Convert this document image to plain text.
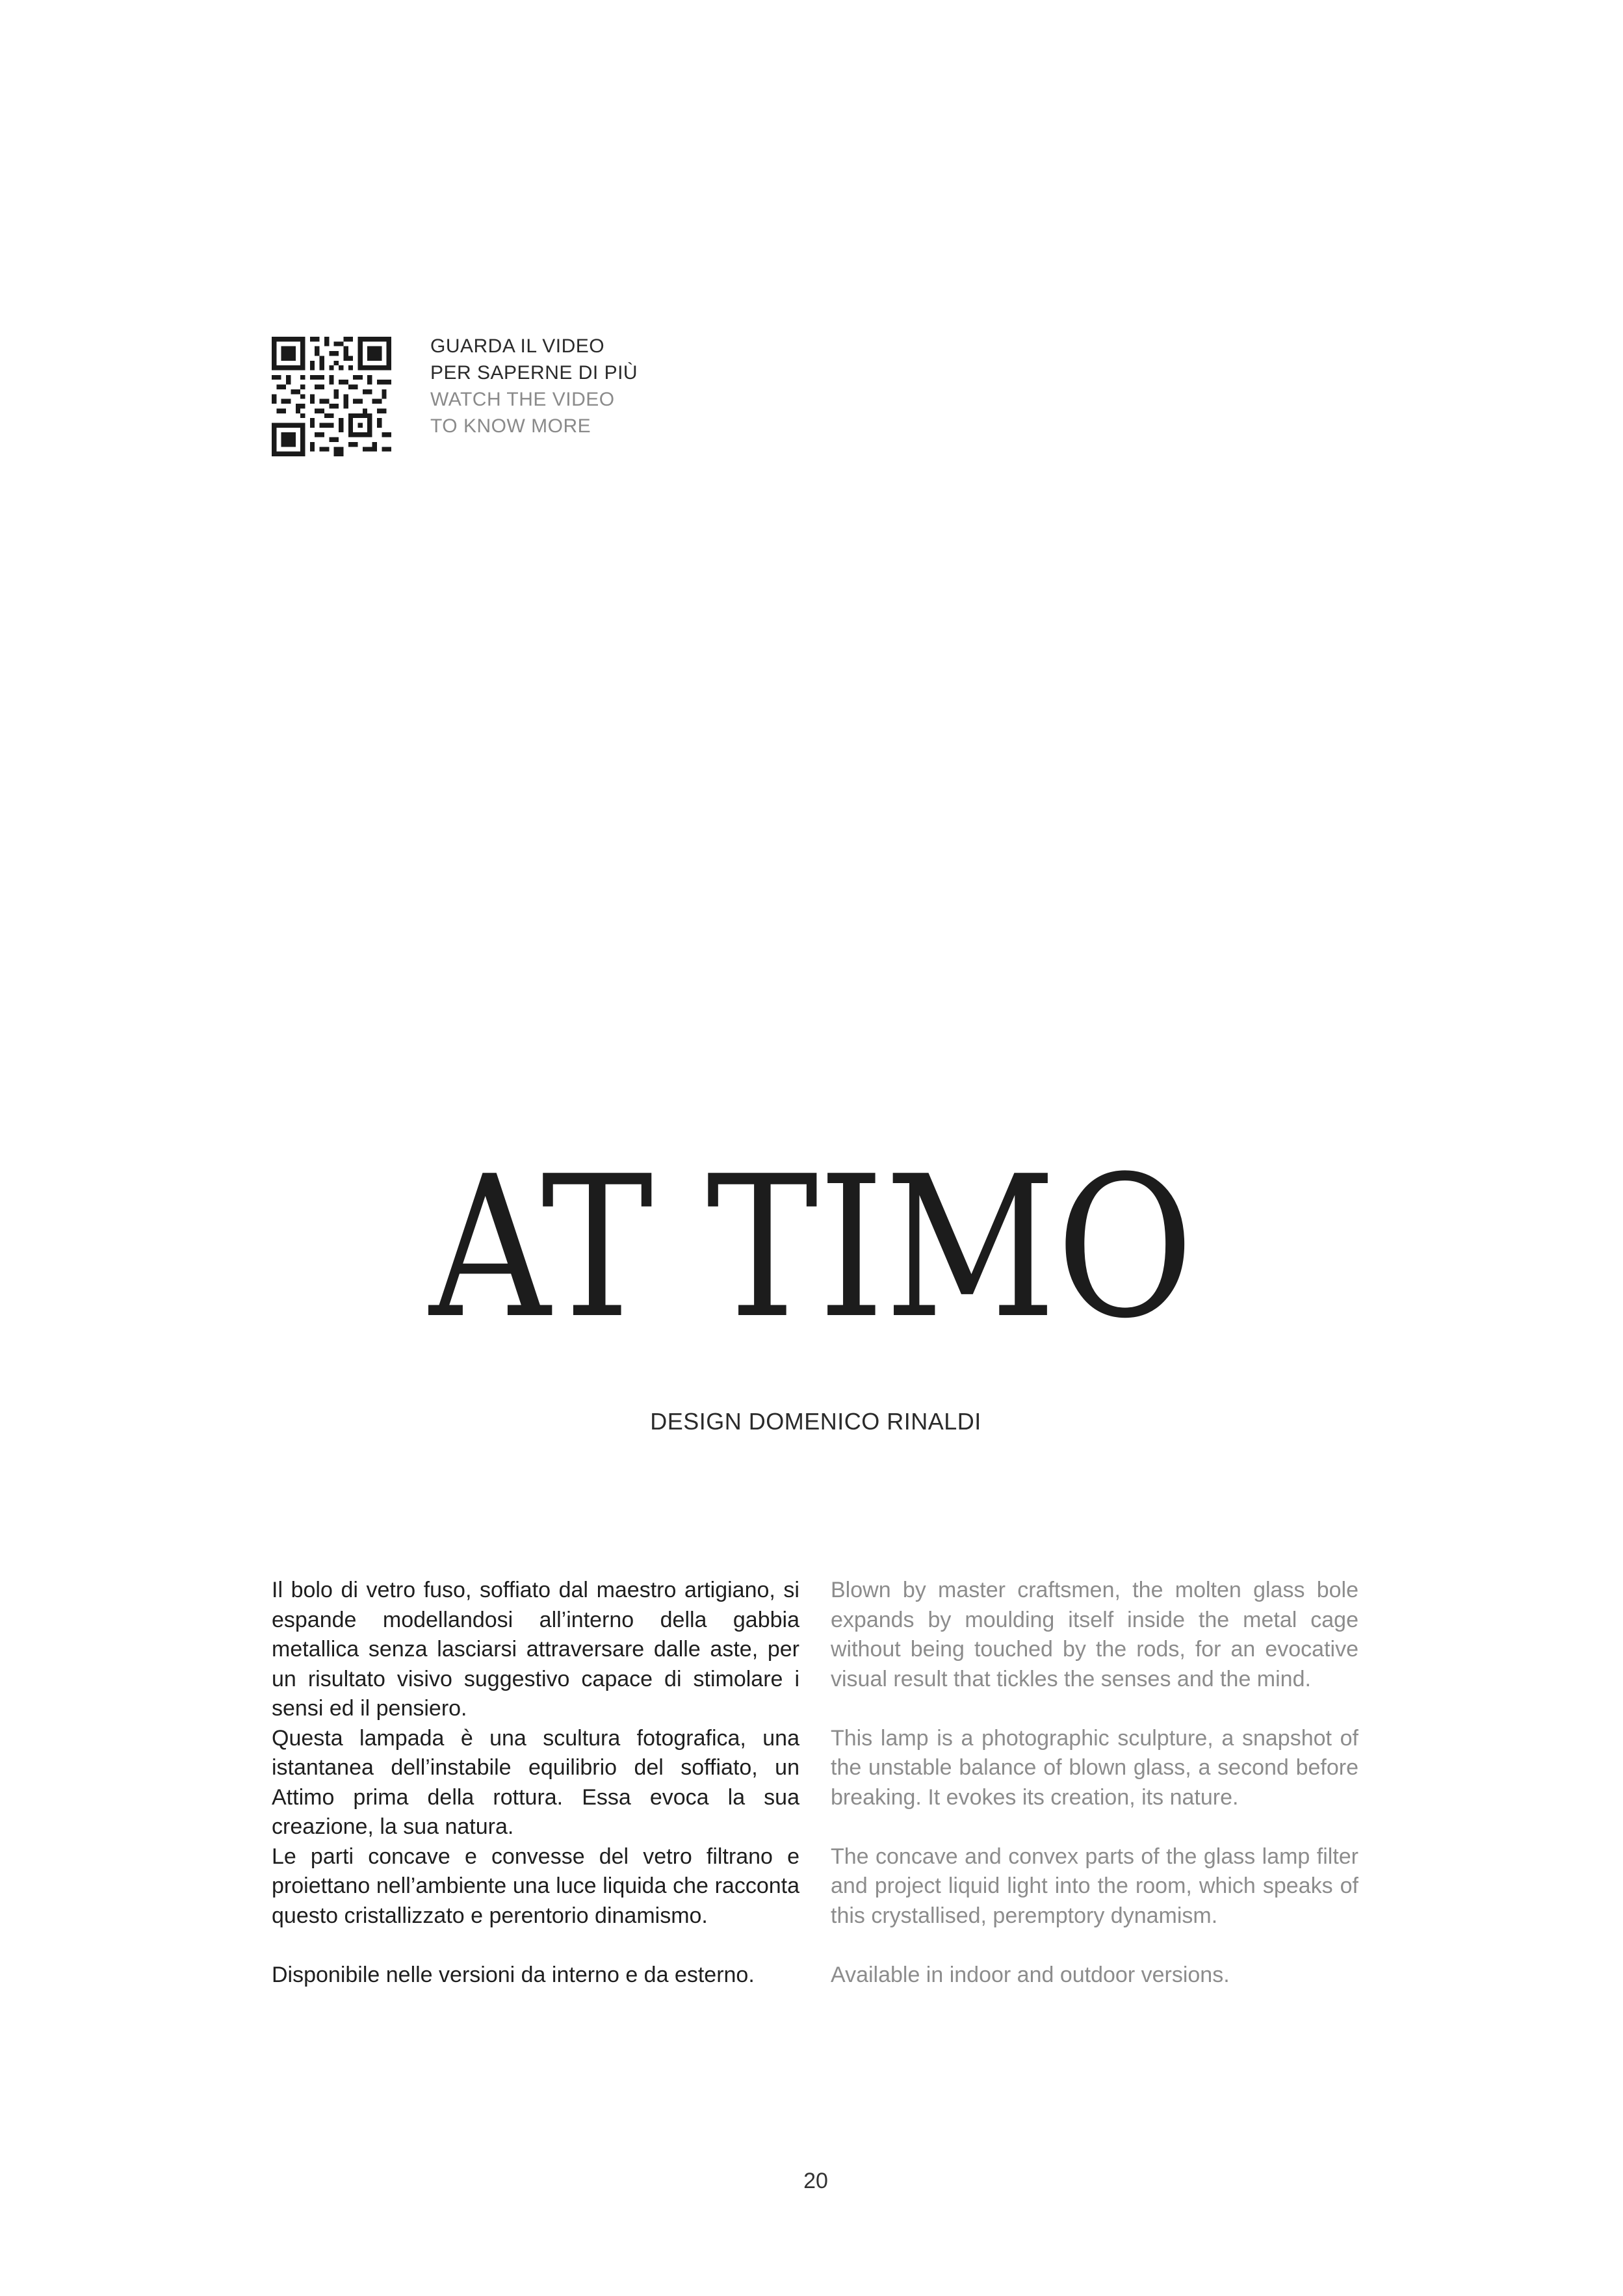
GUARDA IL VIDEO
PER SAPERNE DI PIÙ
WATCH THE VIDEO
TO KNOW MORE
AT TIMO
DESIGN DOMENICO RINALDI

Il bolo di vetro fuso, soffiato dal maestro artigiano, si espande modellandosi all’interno della gabbia metallica senza lasciarsi attraversare dalle aste, per un risultato visivo suggestivo capace di stimolare i sensi ed il pensiero.

Questa lampada è una scultura fotografica, una istantanea dell’instabile equilibrio del soffiato, un Attimo prima della rottura. Essa evoca la sua creazione, la sua natura.

Le parti concave e convesse del vetro filtrano e proiettano nell’ambiente una luce liquida che racconta questo cristallizzato e perentorio dinamismo.

Disponibile nelle versioni da interno e da esterno.

Blown by master craftsmen, the molten glass bole expands by moulding itself inside the metal cage without being touched by the rods, for an evocative visual result that tickles the senses and the mind.

This lamp is a photographic sculpture, a snapshot of the unstable balance of blown glass, a second before breaking. It evokes its creation, its nature.

The concave and convex parts of the glass lamp filter and project liquid light into the room, which speaks of this crystallised, peremptory dynamism.

Available in indoor and outdoor versions.

20
